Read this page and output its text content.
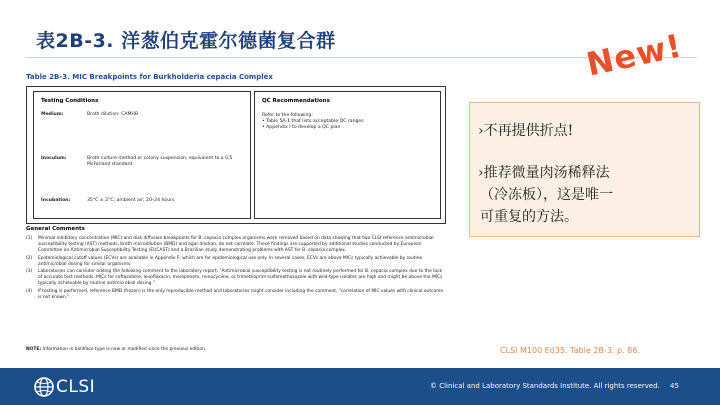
表2B-3. 洋葱伯克霍尔德菌复合群	New!
Table 2B-3. MIC Breakpoints for Burkholderia cepacia Complex
Testing Conditions
Medium:	Broth dilution: CAMHB
Inoculum:	Broth culture method or colony suspension, equivalent to a 0.5 McFarland standard
Incubation:	35°C ± 2°C; ambient air; 20–24 hours
QC Recommendations
Refer to the following:
• Table 5A-1 that lists acceptable QC ranges
• Appendix I to develop a QC plan
General Comments
(1)	Minimal inhibitory concentration (MIC) and disk diffusion breakpoints for B. cepacia complex organisms were removed based on data showing that two CLSI reference antimicrobial susceptibility testing (AST) methods, broth microdilution (BMD) and agar dilution, do not correlate. These findings are supported by additional studies conducted by European Committee on Antimicrobial Susceptibility Testing (EUCAST) and a Brazilian study demonstrating problems with AST for B. cepacia complex.
(2)	Epidemiological cutoff values (ECVs) are available in Appendix F, which are for epidemiological use only. In several cases, ECVs are above MICs typically achievable by routine antimicrobial dosing for similar organisms.
(3)	Laboratories can consider adding the following comment to the laboratory report: "Antimicrobial susceptibility testing is not routinely performed for B. cepacia complex due to the lack of accurate test methods. MICs for ceftazidime, levofloxacin, meropenem, minocycline, or trimethoprim-sulfamethoxazole with wild-type isolates are high and might be above the MICs typically achievable by routine antimicrobial dosing."
(4)	If testing is performed, reference BMD (frozen) is the only reproducible method and laboratories might consider including the comment, "correlation of MIC values with clinical outcome is not known."
NOTE: Information in boldface type is new or modified since the previous edition.
›不再提供折点!
›推荐微量肉汤稀释法
（冷冻板），这是唯一
可重复的方法。
CLSI M100 Ed35. Table 2B-3. p. 86.
CLSI	© Clinical and Laboratory Standards Institute. All rights reserved. 45
